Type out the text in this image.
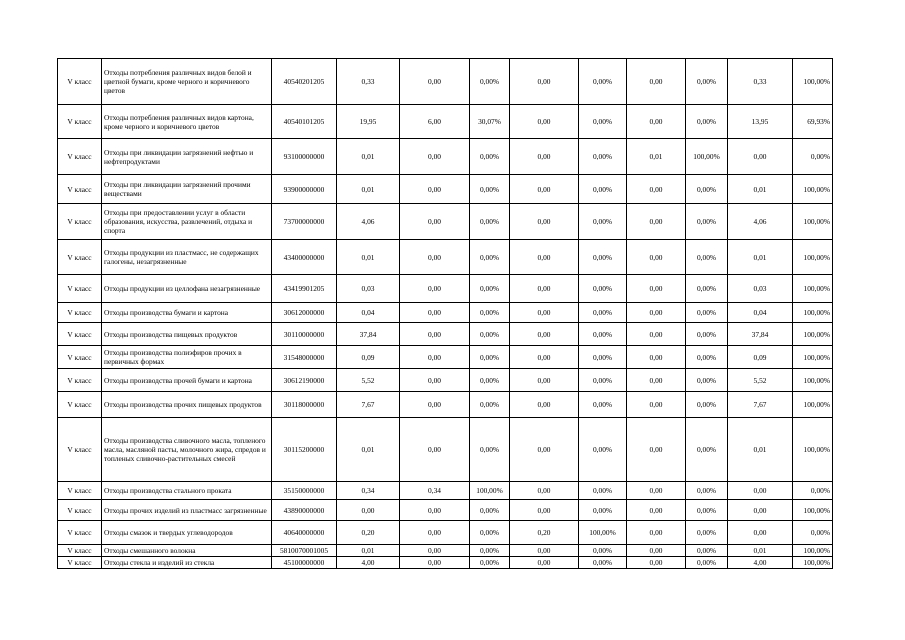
V класс	Отходы потребления различных видов белой и цветной бумаги, кроме черного и коричневого цветов	40540201205	0,33	0,00	0,00%	0,00	0,00%	0,00	0,00%	0,33	100,00%
V класс	Отходы потребления различных видов картона, кроме черного и коричневого цветов	40540101205	19,95	6,00	30,07%	0,00	0,00%	0,00	0,00%	13,95	69,93%
V класс	Отходы при ликвидации загрязнений нефтью и нефтепродуктами	93100000000	0,01	0,00	0,00%	0,00	0,00%	0,01	100,00%	0,00	0,00%
V класс	Отходы при ликвидации загрязнений прочими веществами	93900000000	0,01	0,00	0,00%	0,00	0,00%	0,00	0,00%	0,01	100,00%
V класс	Отходы при предоставлении услуг в области образования, искусства, развлечений, отдыха и спорта	73700000000	4,06	0,00	0,00%	0,00	0,00%	0,00	0,00%	4,06	100,00%
V класс	Отходы продукции из пластмасс, не содержащих галогены, незагрязненные	43400000000	0,01	0,00	0,00%	0,00	0,00%	0,00	0,00%	0,01	100,00%
V класс	Отходы продукции из целлофана незагрязненные	43419901205	0,03	0,00	0,00%	0,00	0,00%	0,00	0,00%	0,03	100,00%
V класс	Отходы производства бумаги и картона	30612000000	0,04	0,00	0,00%	0,00	0,00%	0,00	0,00%	0,04	100,00%
V класс	Отходы производства пищевых продуктов	30110000000	37,84	0,00	0,00%	0,00	0,00%	0,00	0,00%	37,84	100,00%
V класс	Отходы производства полиэфиров прочих в первичных формах	31548000000	0,09	0,00	0,00%	0,00	0,00%	0,00	0,00%	0,09	100,00%
V класс	Отходы производства прочей бумаги и картона	30612190000	5,52	0,00	0,00%	0,00	0,00%	0,00	0,00%	5,52	100,00%
V класс	Отходы производства прочих пищевых продуктов	30118000000	7,67	0,00	0,00%	0,00	0,00%	0,00	0,00%	7,67	100,00%
V класс	Отходы производства сливочного масла, топленого масла, масляной пасты, молочного жира, спредов и топленых сливочно-растительных смесей	30115200000	0,01	0,00	0,00%	0,00	0,00%	0,00	0,00%	0,01	100,00%
V класс	Отходы производства стального проката	35150000000	0,34	0,34	100,00%	0,00	0,00%	0,00	0,00%	0,00	0,00%
V класс	Отходы прочих изделий из пластмасс загрязненные	43890000000	0,00	0,00	0,00%	0,00	0,00%	0,00	0,00%	0,00	100,00%
V класс	Отходы смазок и твердых углеводородов	40640000000	0,20	0,00	0,00%	0,20	100,00%	0,00	0,00%	0,00	0,00%
V класс	Отходы смешанного волокна	5810070001005	0,01	0,00	0,00%	0,00	0,00%	0,00	0,00%	0,01	100,00%
V класс	Отходы стекла и изделий из стекла	45100000000	4,00	0,00	0,00%	0,00	0,00%	0,00	0,00%	4,00	100,00%
